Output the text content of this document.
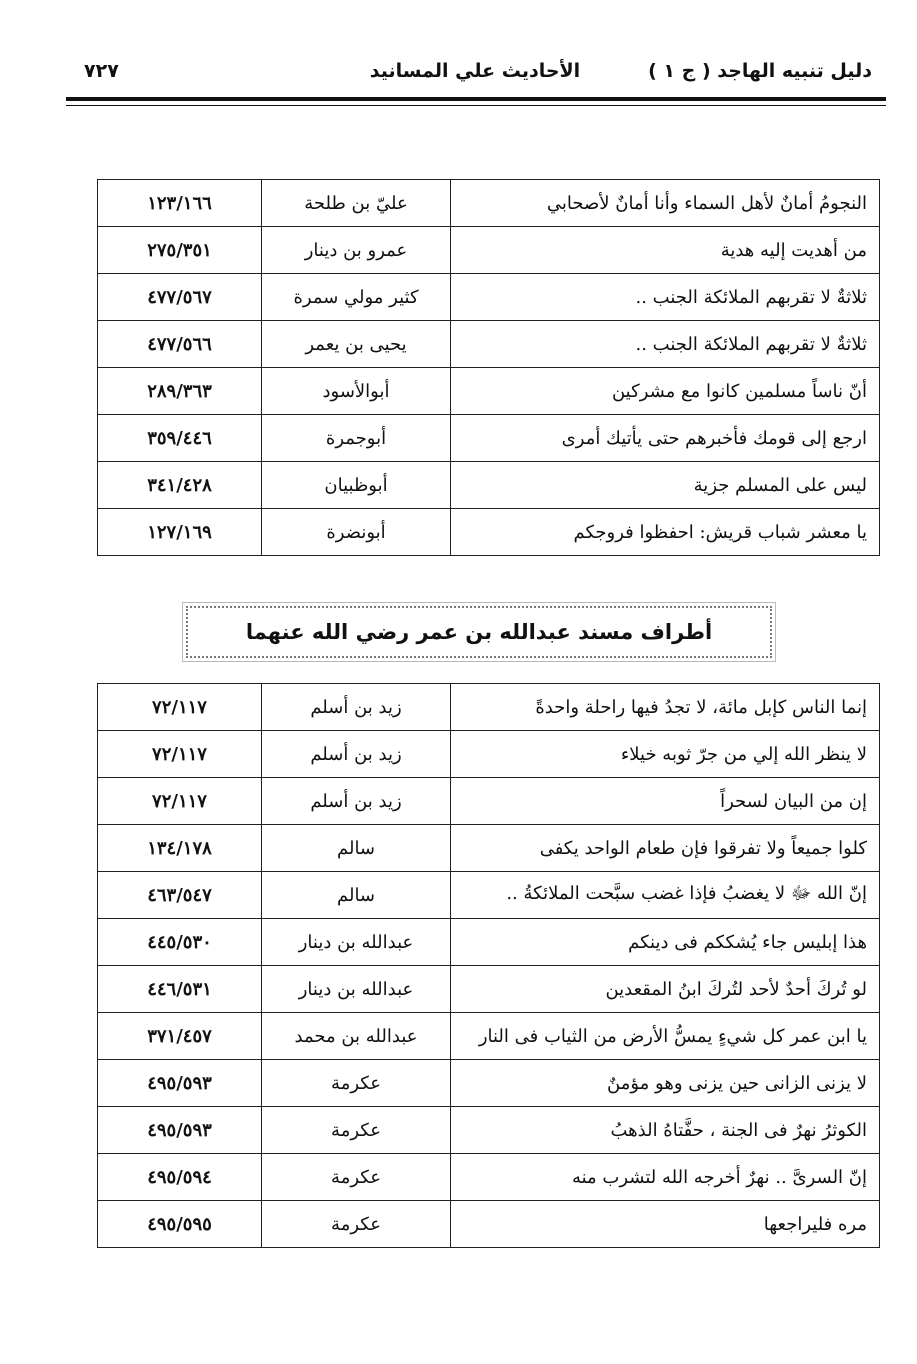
دليل تنبيه الهاجد ( ج ١ )
الأحاديث علي المسانيد
٧٢٧
النجومُ أمانٌ لأهل السماء وأنا أمانٌ لأصحابي	عليّ بن طلحة	١٢٣/١٦٦
من أهديت إليه هدية	عمرو بن دينار	٢٧٥/٣٥١
ثلاثةٌ لا تقربهم الملائكة الجنب ..	كثير مولي سمرة	٤٧٧/٥٦٧
ثلاثةٌ لا تقربهم الملائكة الجنب ..	يحيى بن يعمر	٤٧٧/٥٦٦
أنّ ناساً مسلمين كانوا مع مشركين	أبوالأسود	٢٨٩/٣٦٣
ارجع إلى قومك فأخبرهم حتى يأتيك أمرى	أبوجمرة	٣٥٩/٤٤٦
ليس على المسلم جزية	أبوظبيان	٣٤١/٤٢٨
يا معشر شباب قريش: احفظوا فروجكم	أبونضرة	١٢٧/١٦٩
أطراف مسند عبدالله بن عمر رضي الله عنهما
إنما الناس كإبل مائة، لا تجدُ فيها راحلة واحدةً	زيد بن أسلم	٧٢/١١٧
لا ينظر الله إلي من جرّ ثوبه خيلاء	زيد بن أسلم	٧٢/١١٧
إن من البيان لسحراً	زيد بن أسلم	٧٢/١١٧
كلوا جميعاً ولا تفرقوا فإن طعام الواحد يكفى	سالم	١٣٤/١٧٨
إنّ الله ﷻ لا يغضبُ فإذا غضب سبَّحت الملائكةُ ..	سالم	٤٦٣/٥٤٧
هذا إبليس جاء يُشككم فى دينكم	عبدالله بن دينار	٤٤٥/٥٣٠
لو تُركَ أحدٌ لأحد لتُركَ ابنُ المقعدين	عبدالله بن دينار	٤٤٦/٥٣١
يا ابن عمر كل شيءٍ يمسُّ الأرض من الثياب فى النار	عبدالله بن محمد	٣٧١/٤٥٧
لا يزنى الزانى حين يزنى وهو مؤمنٌ	عكرمة	٤٩٥/٥٩٣
الكوثرُ نهرٌ فى الجنة ، حفَّتاهُ الذهبُ	عكرمة	٤٩٥/٥٩٣
إنّ السرىَّ .. نهرٌ أخرجه الله لتشرب منه	عكرمة	٤٩٥/٥٩٤
مره فليراجعها	عكرمة	٤٩٥/٥٩٥
